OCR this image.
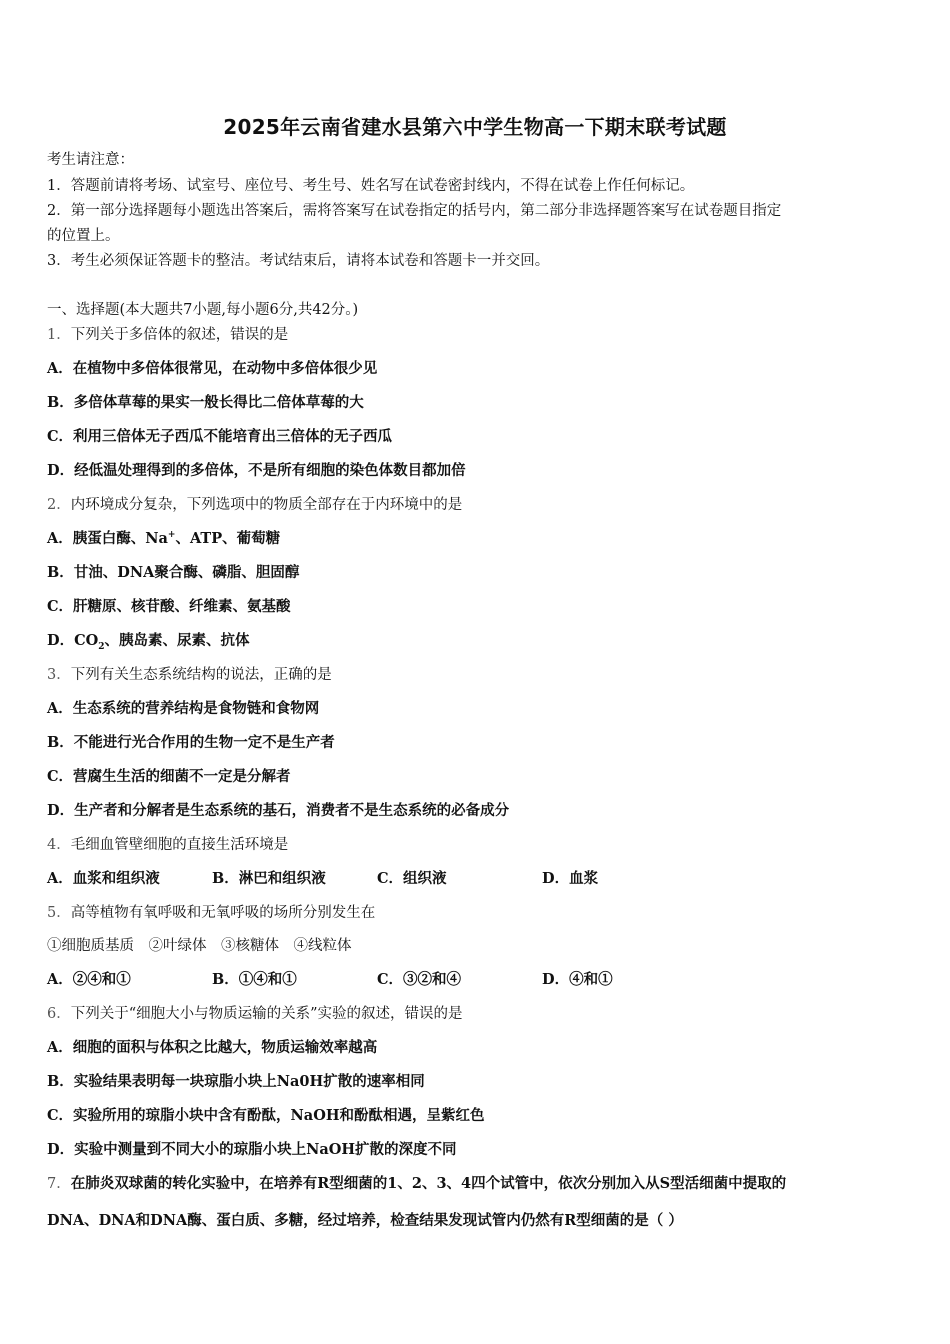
2025年云南省建水县第六中学生物高一下期末联考试题
考生请注意：
1．答题前请将考场、试室号、座位号、考生号、姓名写在试卷密封线内，不得在试卷上作任何标记。
2．第一部分选择题每小题选出答案后，需将答案写在试卷指定的括号内，第二部分非选择题答案写在试卷题目指定
的位置上。
3．考生必须保证答题卡的整洁。考试结束后，请将本试卷和答题卡一并交回。
一、选择题(本大题共7小题,每小题6分,共42分。)
1．下列关于多倍体的叙述，错误的是
A．在植物中多倍体很常见，在动物中多倍体很少见
B．多倍体草莓的果实一般长得比二倍体草莓的大
C．利用三倍体无子西瓜不能培育出三倍体的无子西瓜
D．经低温处理得到的多倍体，不是所有细胞的染色体数目都加倍
2．内环境成分复杂，下列选项中的物质全部存在于内环境中的是
A．胰蛋白酶、Na+、ATP、葡萄糖
B．甘油、DNA聚合酶、磷脂、胆固醇
C．肝糖原、核苷酸、纤维素、氨基酸
D．$CO_2$、胰岛素、尿素、抗体
3．下列有关生态系统结构的说法，正确的是
A．生态系统的营养结构是食物链和食物网
B．不能进行光合作用的生物一定不是生产者
C．营腐生生活的细菌不一定是分解者
D．生产者和分解者是生态系统的基石，消费者不是生态系统的必备成分
4．毛细血管壁细胞的直接生活环境是
A．血浆和组织液	B．淋巴和组织液	C．组织液	D．血浆
5．高等植物有氧呼吸和无氧呼吸的场所分别发生在
①细胞质基质　②叶绿体　③核糖体　④线粒体
A．②④和①	B．①④和①	C．③②和④	D．④和①
6．下列关于“细胞大小与物质运输的关系”实验的叙述，错误的是
A．细胞的面积与体积之比越大，物质运输效率越高
B．实验结果表明每一块琼脂小块上Na0H扩散的速率相同
C．实验所用的琼脂小块中含有酚酞，NaOH和酚酞相遇，呈紫红色
D．实验中测量到不同大小的琼脂小块上NaOH扩散的深度不同
7．在肺炎双球菌的转化实验中，在培养有R型细菌的1、2、3、4四个试管中，依次分别加入从S型活细菌中提取的
DNA、DNA和DNA酶、蛋白质、多糖，经过培养，检查结果发现试管内仍然有R型细菌的是（ ）
